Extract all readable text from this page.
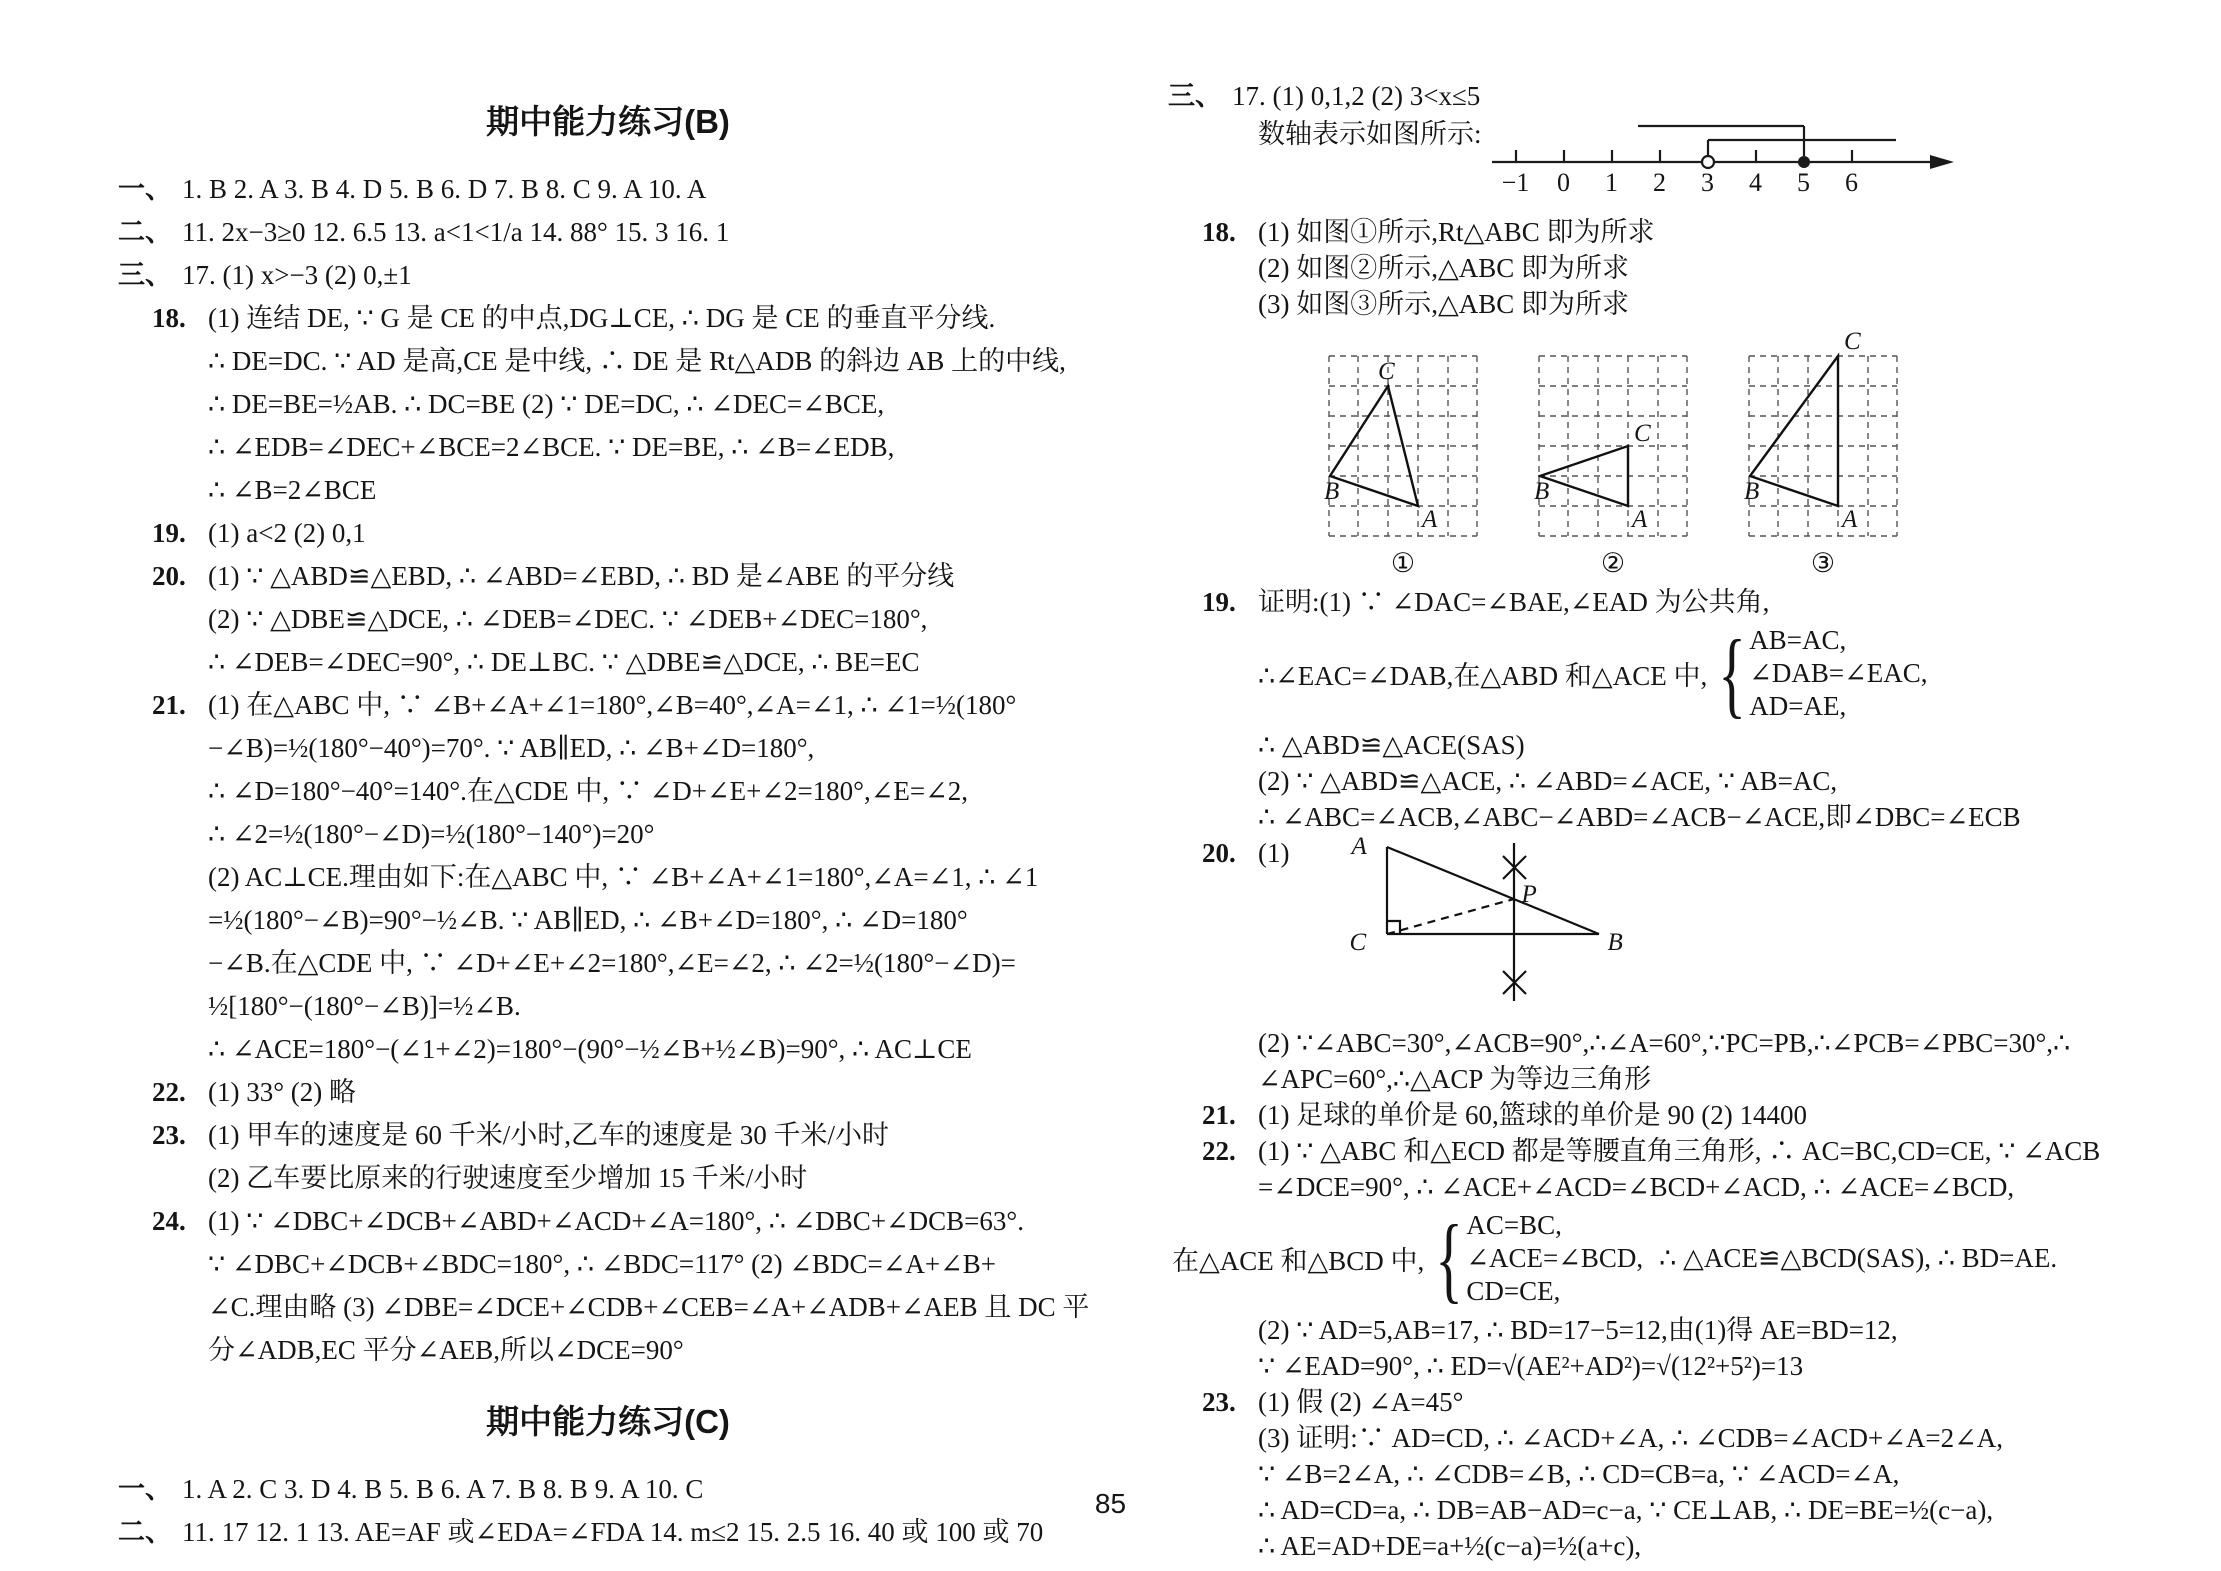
期中能力练习(B)
一、 1. B 2. A 3. B 4. D 5. B 6. D 7. B 8. C 9. A 10. A
二、 11. 2x−3≥0 12. 6.5 13. a<1<1/a 14. 88° 15. 3 16. 1
三、 17. (1) x>−3 (2) 0,±1
18. (1) 连结 DE, ∵ G 是 CE 的中点,DG⊥CE, ∴ DG 是 CE 的垂直平分线.
∴ DE=DC. ∵ AD 是高,CE 是中线, ∴ DE 是 Rt△ADB 的斜边 AB 上的中线,
∴ DE=BE=½AB. ∴ DC=BE (2) ∵ DE=DC, ∴ ∠DEC=∠BCE,
∴ ∠EDB=∠DEC+∠BCE=2∠BCE. ∵ DE=BE, ∴ ∠B=∠EDB,
∴ ∠B=2∠BCE
19. (1) a<2 (2) 0,1
20. (1) ∵ △ABD≌△EBD, ∴ ∠ABD=∠EBD, ∴ BD 是∠ABE 的平分线
(2) ∵ △DBE≌△DCE, ∴ ∠DEB=∠DEC. ∵ ∠DEB+∠DEC=180°,
∴ ∠DEB=∠DEC=90°, ∴ DE⊥BC. ∵ △DBE≌△DCE, ∴ BE=EC
21. (1) 在△ABC 中, ∵ ∠B+∠A+∠1=180°,∠B=40°,∠A=∠1, ∴ ∠1=½(180°
−∠B)=½(180°−40°)=70°. ∵ AB∥ED, ∴ ∠B+∠D=180°,
∴ ∠D=180°−40°=140°.在△CDE 中, ∵ ∠D+∠E+∠2=180°,∠E=∠2,
∴ ∠2=½(180°−∠D)=½(180°−140°)=20°
(2) AC⊥CE.理由如下:在△ABC 中, ∵ ∠B+∠A+∠1=180°,∠A=∠1, ∴ ∠1
=½(180°−∠B)=90°−½∠B. ∵ AB∥ED, ∴ ∠B+∠D=180°, ∴ ∠D=180°
−∠B.在△CDE 中, ∵ ∠D+∠E+∠2=180°,∠E=∠2, ∴ ∠2=½(180°−∠D)=
½[180°−(180°−∠B)]=½∠B.
∴ ∠ACE=180°−(∠1+∠2)=180°−(90°−½∠B+½∠B)=90°, ∴ AC⊥CE
22. (1) 33° (2) 略
23. (1) 甲车的速度是 60 千米/小时,乙车的速度是 30 千米/小时
(2) 乙车要比原来的行驶速度至少增加 15 千米/小时
24. (1) ∵ ∠DBC+∠DCB+∠ABD+∠ACD+∠A=180°, ∴ ∠DBC+∠DCB=63°.
∵ ∠DBC+∠DCB+∠BDC=180°, ∴ ∠BDC=117° (2) ∠BDC=∠A+∠B+
∠C.理由略 (3) ∠DBE=∠DCE+∠CDB+∠CEB=∠A+∠ADB+∠AEB 且 DC 平
分∠ADB,EC 平分∠AEB,所以∠DCE=90°
期中能力练习(C)
一、 1. A 2. C 3. D 4. B 5. B 6. A 7. B 8. B 9. A 10. C
二、 11. 17 12. 1 13. AE=AF 或∠EDA=∠FDA 14. m≤2 15. 2.5 16. 40 或 100 或 70
三、 17. (1) 0,1,2 (2) 3<x≤5
数轴表示如图所示:
−1 0 1 2 3 4 5 6
18. (1) 如图①所示,Rt△ABC 即为所求
(2) 如图②所示,△ABC 即为所求
(3) 如图③所示,△ABC 即为所求
C
B
A
①
C
B
A
②
C
B
A
③
19. 证明:(1) ∵ ∠DAC=∠BAE,∠EAD 为公共角,
∴∠EAC=∠DAB,在△ABD 和△ACE 中, { AB=AC,
∠DAB=∠EAC,
AD=AE,
∴ △ABD≌△ACE(SAS)
(2) ∵ △ABD≌△ACE, ∴ ∠ABD=∠ACE, ∵ AB=AC,
∴ ∠ABC=∠ACB,∠ABC−∠ABD=∠ACB−∠ACE,即∠DBC=∠ECB
20. (1) A
C	B
P
(2) ∵∠ABC=30°,∠ACB=90°,∴∠A=60°,∵PC=PB,∴∠PCB=∠PBC=30°,∴
∠APC=60°,∴△ACP 为等边三角形
21. (1) 足球的单价是 60,篮球的单价是 90 (2) 14400
22. (1) ∵ △ABC 和△ECD 都是等腰直角三角形, ∴ AC=BC,CD=CE, ∵ ∠ACB
=∠DCE=90°, ∴ ∠ACE+∠ACD=∠BCD+∠ACD, ∴ ∠ACE=∠BCD,
在△ACE 和△BCD 中, { AC=BC,
∠ACE=∠BCD,
CD=CE,
∴ △ACE≌△BCD(SAS), ∴ BD=AE.
(2) ∵ AD=5,AB=17, ∴ BD=17−5=12,由(1)得 AE=BD=12,
∵ ∠EAD=90°, ∴ ED=√(AE²+AD²)=√(12²+5²)=13
23. (1) 假 (2) ∠A=45°
(3) 证明:∵ AD=CD, ∴ ∠ACD+∠A, ∴ ∠CDB=∠ACD+∠A=2∠A,
∵ ∠B=2∠A, ∴ ∠CDB=∠B, ∴ CD=CB=a, ∵ ∠ACD=∠A,
∴ AD=CD=a, ∴ DB=AB−AD=c−a, ∵ CE⊥AB, ∴ DE=BE=½(c−a),
∴ AE=AD+DE=a+½(c−a)=½(a+c),
85
